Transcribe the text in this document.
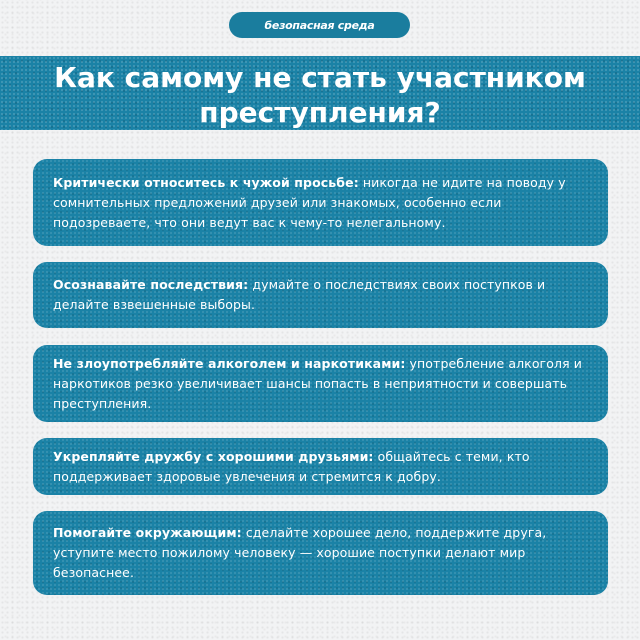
безопасная среда
Как самому не стать участником
преступления?

Критически относитесь к чужой просьбе: никогда не идите на поводу у сомнительных предложений друзей или знакомых, особенно если подозреваете, что они ведут вас к чему-то нелегальному.

Осознавайте последствия: думайте о последствиях своих поступков и делайте взвешенные выборы.

Не злоупотребляйте алкоголем и наркотиками: употребление алкоголя и наркотиков резко увеличивает шансы попасть в неприятности и совершать преступления.

Укрепляйте дружбу с хорошими друзьями: общайтесь с теми, кто поддерживает здоровые увлечения и стремится к добру.

Помогайте окружающим: сделайте хорошее дело, поддержите друга, уступите место пожилому человеку — хорошие поступки делают мир безопаснее.
